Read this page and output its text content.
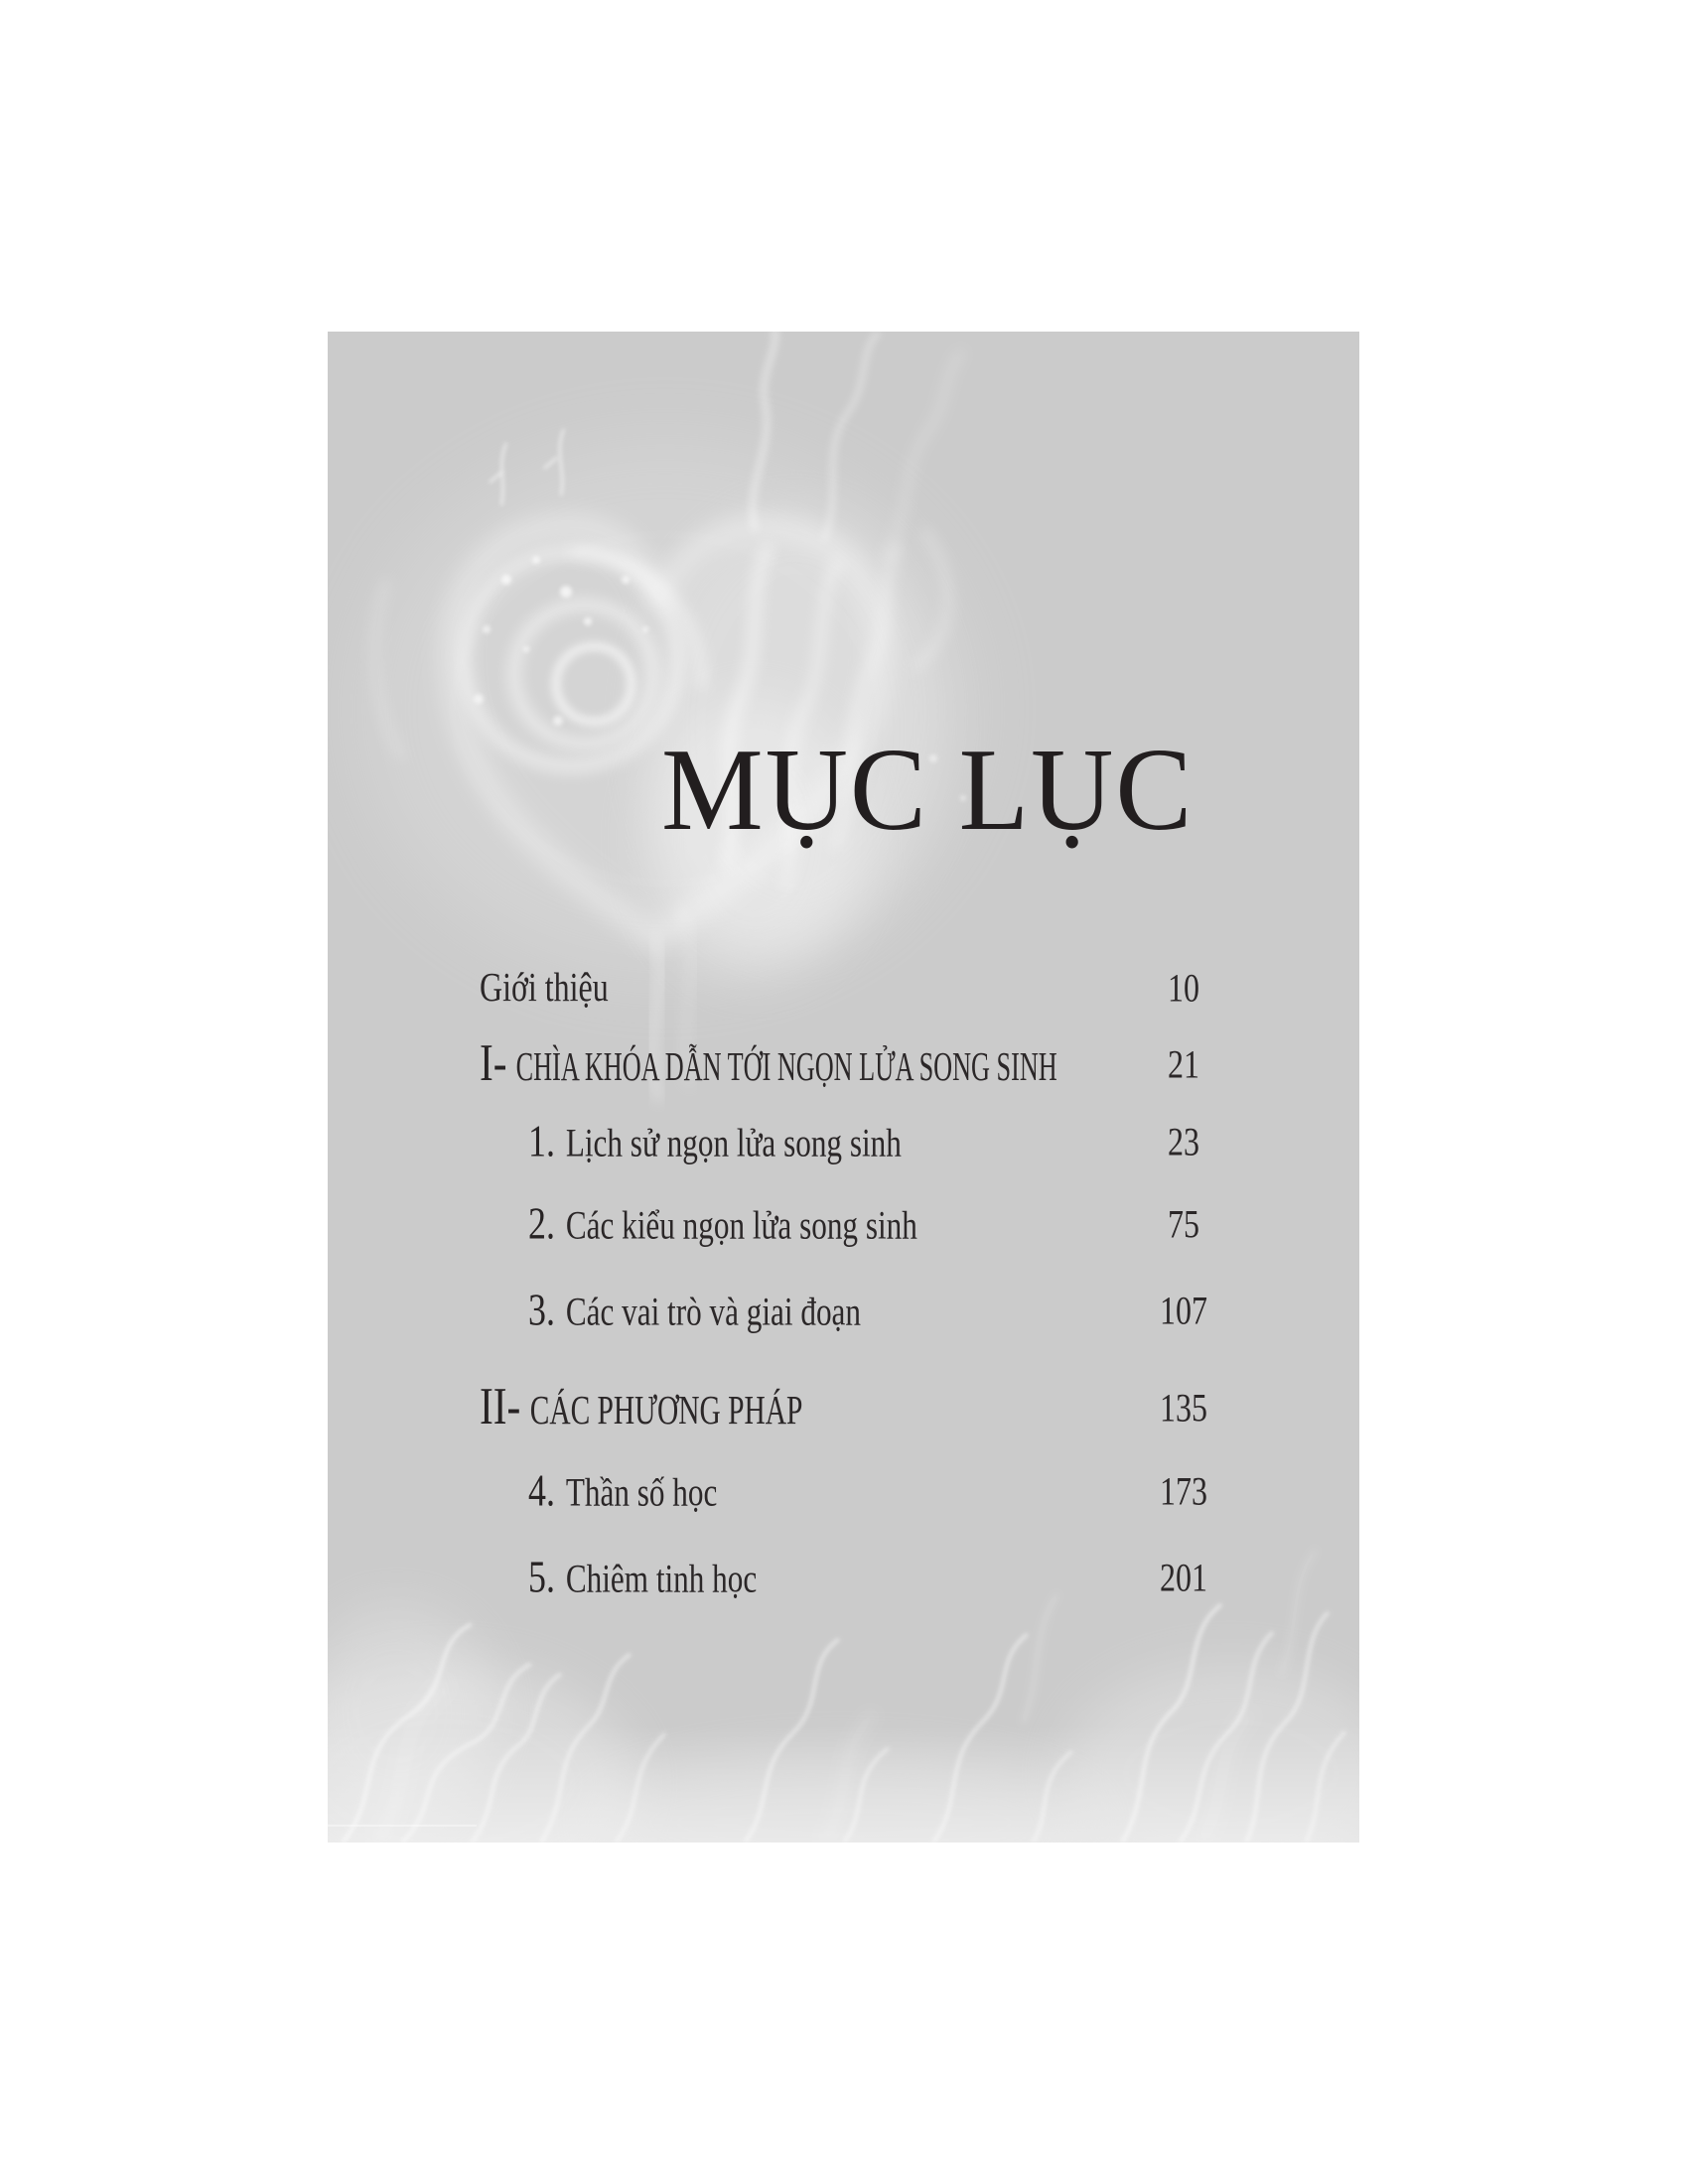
MỤC LỤC
Giới thiệu	10
I- CHÌA KHÓA DẪN TỚI NGỌN LỬA SONG SINH	21
1. Lịch sử ngọn lửa song sinh	23
2. Các kiểu ngọn lửa song sinh	75
3. Các vai trò và giai đoạn	107
II- CÁC PHƯƠNG PHÁP	135
4. Thần số học	173
5. Chiêm tinh học	201
